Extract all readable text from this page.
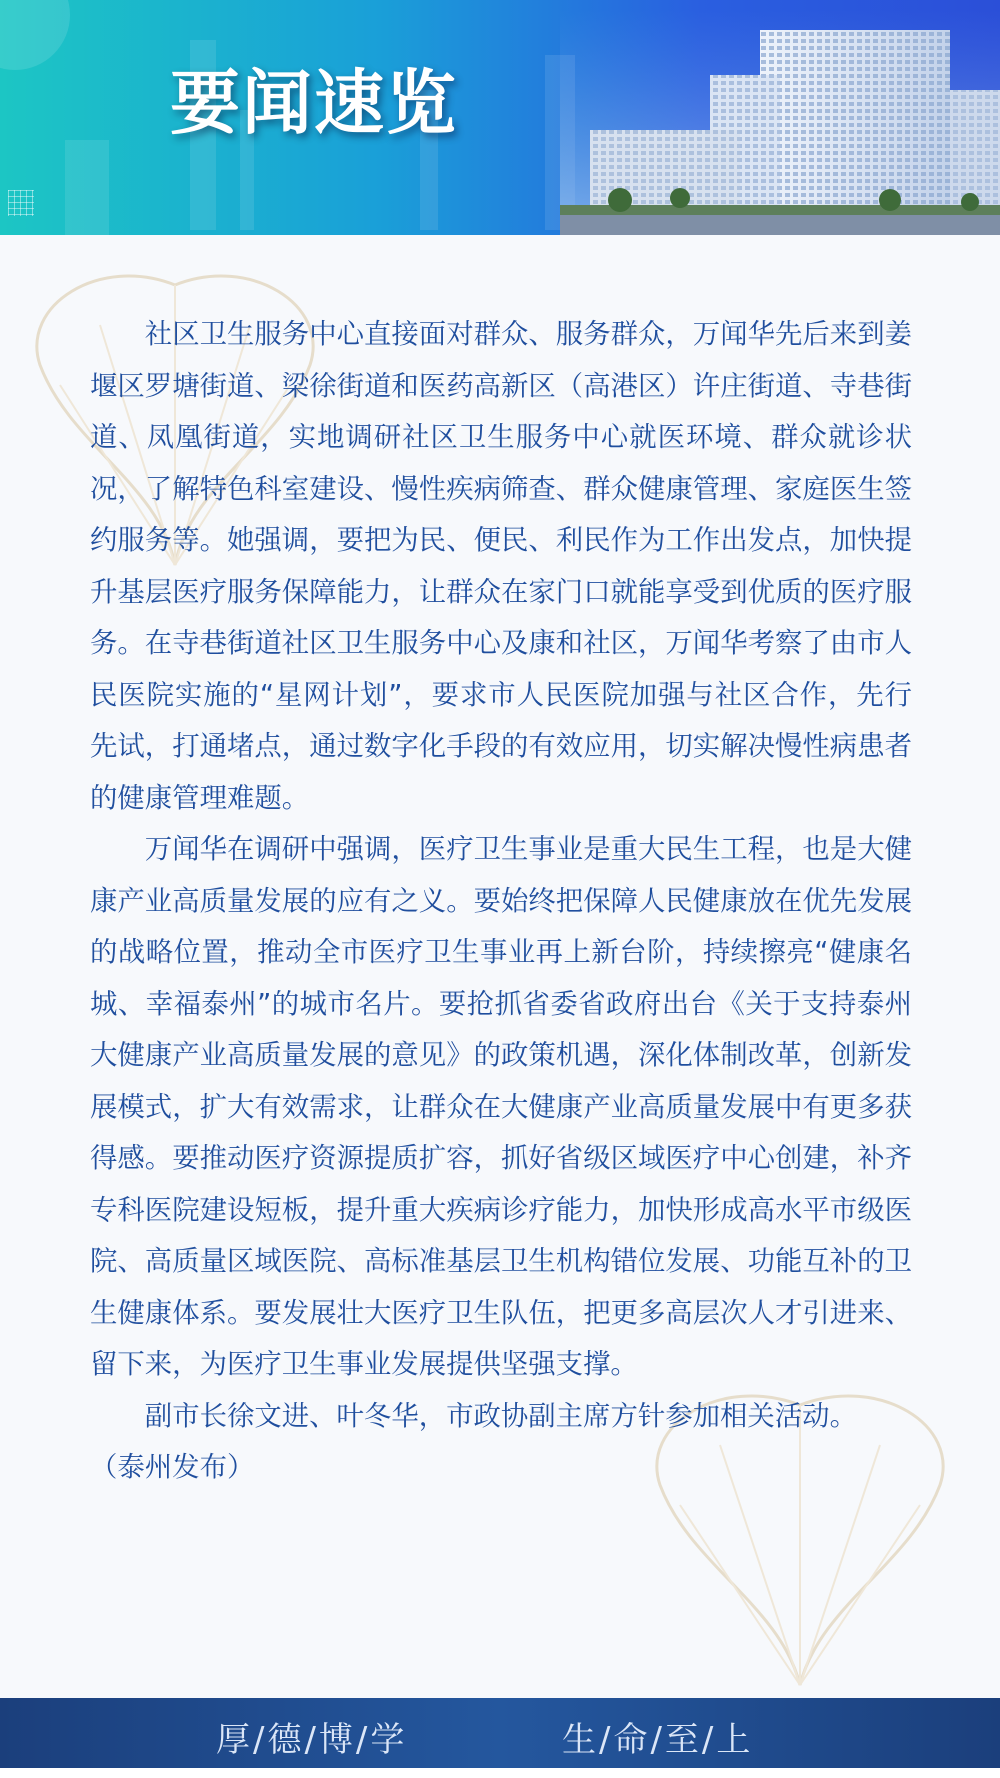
要闻速览

社区卫生服务中心直接面对群众、服务群众，万闻华先后来到姜堰区罗塘街道、梁徐街道和医药高新区（高港区）许庄街道、寺巷街道、凤凰街道，实地调研社区卫生服务中心就医环境、群众就诊状况，了解特色科室建设、慢性疾病筛查、群众健康管理、家庭医生签约服务等。她强调，要把为民、便民、利民作为工作出发点，加快提升基层医疗服务保障能力，让群众在家门口就能享受到优质的医疗服务。在寺巷街道社区卫生服务中心及康和社区，万闻华考察了由市人民医院实施的“星网计划”，要求市人民医院加强与社区合作，先行先试，打通堵点，通过数字化手段的有效应用，切实解决慢性病患者的健康管理难题。

万闻华在调研中强调，医疗卫生事业是重大民生工程，也是大健康产业高质量发展的应有之义。要始终把保障人民健康放在优先发展的战略位置，推动全市医疗卫生事业再上新台阶，持续擦亮“健康名城、幸福泰州”的城市名片。要抢抓省委省政府出台《关于支持泰州大健康产业高质量发展的意见》的政策机遇，深化体制改革，创新发展模式，扩大有效需求，让群众在大健康产业高质量发展中有更多获得感。要推动医疗资源提质扩容，抓好省级区域医疗中心创建，补齐专科医院建设短板，提升重大疾病诊疗能力，加快形成高水平市级医院、高质量区域医院、高标准基层卫生机构错位发展、功能互补的卫生健康体系。要发展壮大医疗卫生队伍，把更多高层次人才引进来、留下来，为医疗卫生事业发展提供坚强支撑。

副市长徐文进、叶冬华，市政协副主席方针参加相关活动。

（泰州发布）

厚/德/博/学	生/命/至/上
